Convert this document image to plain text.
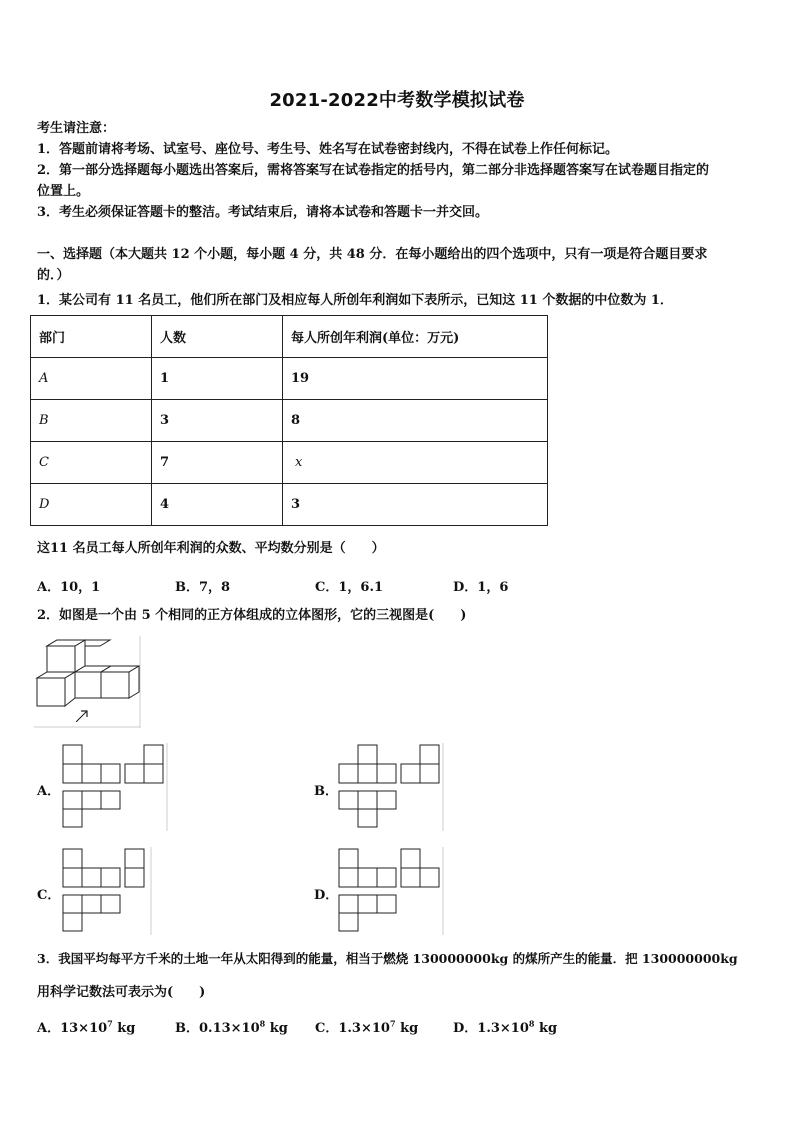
2021-2022中考数学模拟试卷
考生请注意：
1．答题前请将考场、试室号、座位号、考生号、姓名写在试卷密封线内，不得在试卷上作任何标记。
2．第一部分选择题每小题选出答案后，需将答案写在试卷指定的括号内，第二部分非选择题答案写在试卷题目指定的
位置上。
3．考生必须保证答题卡的整洁。考试结束后，请将本试卷和答题卡一并交回。
一、选择题（本大题共 12 个小题，每小题 4 分，共 48 分．在每小题给出的四个选项中，只有一项是符合题目要求
的．）
1．某公司有 11 名员工，他们所在部门及相应每人所创年利润如下表所示，已知这 11 个数据的中位数为 1．
部门	人数	每人所创年利润(单位：万元)
A	1	19
B	3	8
C	7	x
D	4	3
这11 名员工每人所创年利润的众数、平均数分别是（　　）
A．10，1	B．7，8	C．1，6.1	D．1，6
2．如图是一个由 5 个相同的正方体组成的立体图形，它的三视图是(　　)
A．	B．
C．	D．
3．我国平均每平方千米的土地一年从太阳得到的能量，相当于燃烧 130000000kg 的煤所产生的能量．把 130000000kg
用科学记数法可表示为(　　)
A．$13\times 10^7$ kg	B．$0.13\times 10^8$ kg C．$1.3\times 10^7$ kg	D．$1.3\times 10^8$ kg
